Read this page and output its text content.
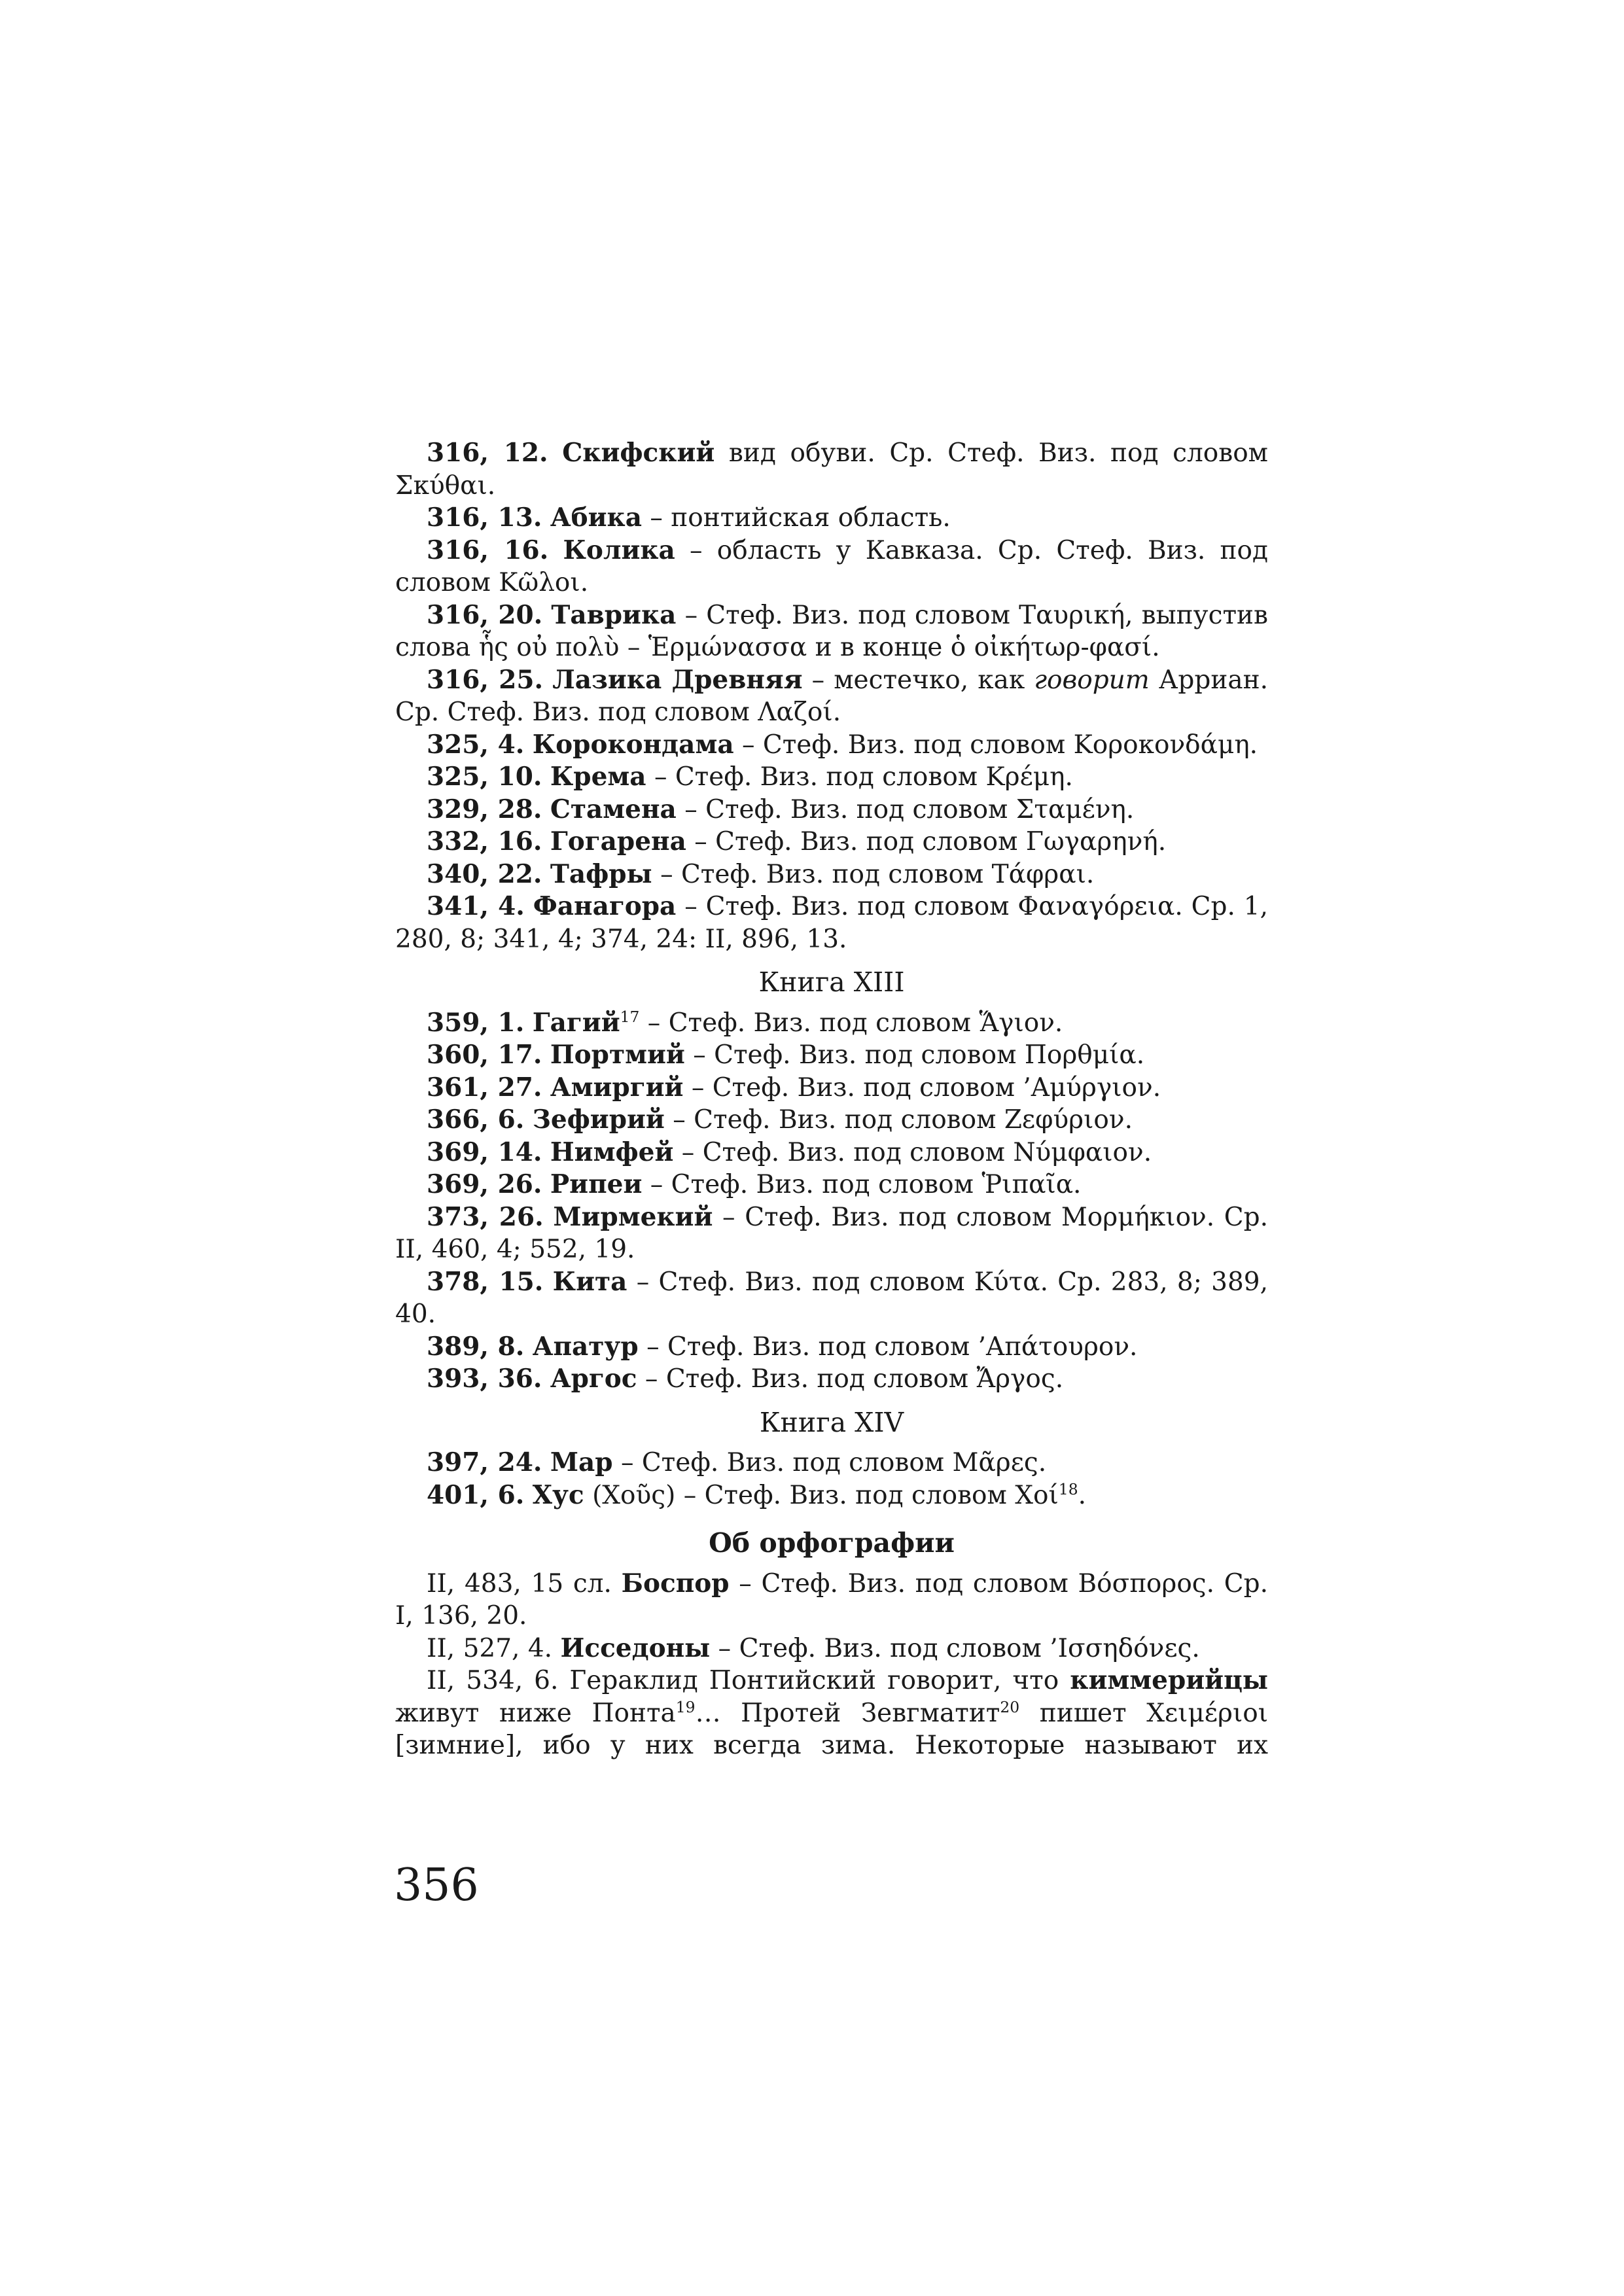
316, 12. Скифский вид обуви. Ср. Стеф. Виз. под словом Σκύθαι.

316, 13. Абика – понтийская область.

316, 16. Колика – область у Кавказа. Ср. Стеф. Виз. под словом Κῶλοι.

316, 20. Таврика – Стеф. Виз. под словом Ταυρική, выпустив слова ἧς οὐ πολὺ – Ἑρμώνασσα и в конце ὁ οἰκήτωρ-φασί.

316, 25. Лазика Древняя – местечко, как говорит Арриан. Ср. Стеф. Виз. под словом Λαζοί.

325, 4. Корокондама – Стеф. Виз. под словом Κοροκονδάμη.

325, 10. Крема – Стеф. Виз. под словом Κρέμη.

329, 28. Стамена – Стеф. Виз. под словом Σταμένη.

332, 16. Гогарена – Стеф. Виз. под словом Γωγαρηνή.

340, 22. Тафры – Стеф. Виз. под словом Τάφραι.

341, 4. Фанагора – Стеф. Виз. под словом Φαναγόρεια. Ср. 1, 280, 8; 341, 4; 374, 24: II, 896, 13.

Книга XIII

359, 1. Гагий$^{17}$ – Стеф. Виз. под словом Ἅγιον.

360, 17. Портмий – Стеф. Виз. под словом Πορθμία.

361, 27. Амиргий – Стеф. Виз. под словом ’Αμύργιον.

366, 6. Зефирий – Стеф. Виз. под словом Ζεφύριον.

369, 14. Нимфей – Стеф. Виз. под словом Νύμφαιον.

369, 26. Рипеи – Стеф. Виз. под словом Ῥιπαῖα.

373, 26. Мирмекий – Стеф. Виз. под словом Μορμήκιον. Ср. II, 460, 4; 552, 19.

378, 15. Кита – Стеф. Виз. под словом Κύτα. Ср. 283, 8; 389, 40.

389, 8. Апатур – Стеф. Виз. под словом ’Απάτουρον.

393, 36. Аргос – Стеф. Виз. под словом Ἄργος.

Книга XIV

397, 24. Мар – Стеф. Виз. под словом Μᾶρες.

401, 6. Хус (Χοῦς) – Стеф. Виз. под словом Χοί$^{18}$.

Об орфографии

II, 483, 15 сл. Боспор – Стеф. Виз. под словом Βόσπορος. Ср. I, 136, 20.

II, 527, 4. Исседоны – Стеф. Виз. под словом ’Ισσηδόνες.

II, 534, 6. Гераклид Понтийский говорит, что киммерийцы живут ниже Понта$^{19}$… Протей Зевгматит$^{20}$ пишет Χειμέριοι [зимние], ибо у них всегда зима. Некоторые называют их

356
